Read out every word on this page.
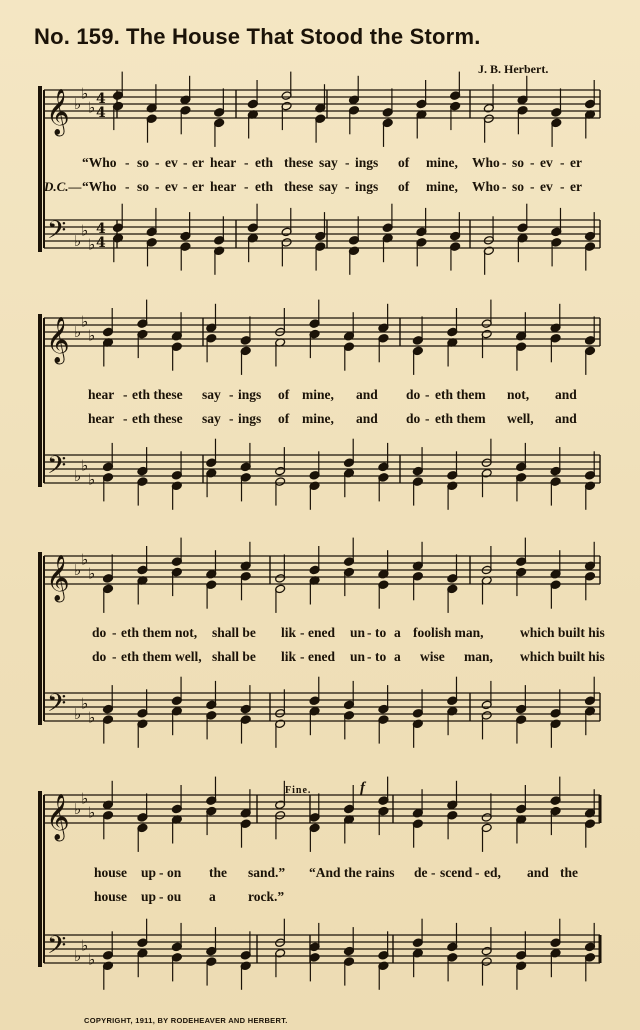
No. 159. The House That Stood the Storm.
J. B. Herbert.
𝄞
𝄢
♭
♭
♭
♭
♭
♭
4
4
4
4
𝄞
𝄢
♭
♭
♭
♭
♭
♭
𝄞
𝄢
♭
♭
♭
♭
♭
♭
𝄞
𝄢
♭
♭
♭
♭
♭
♭
“Who - so - ev - er hear - eth these say - ings of mine, Who - so - ev - er
D.C.— “Who - so - ev - er hear - eth these say - ings of mine, Who - so - ev - er
hear - eth these say - ings of mine, and do - eth them not, and
hear - eth these say - ings of mine, and do - eth them well, and
do - eth them not, shall be lik - ened un - to a foolish man,	which built his
do - eth them well, shall be lik - ened un - to a wise man, which built his
house up - on the sand.” “And the rains de - scend - ed, and the
house up - ou a rock.”
Fine.	f
COPYRIGHT, 1911, BY RODEHEAVER AND HERBERT.
